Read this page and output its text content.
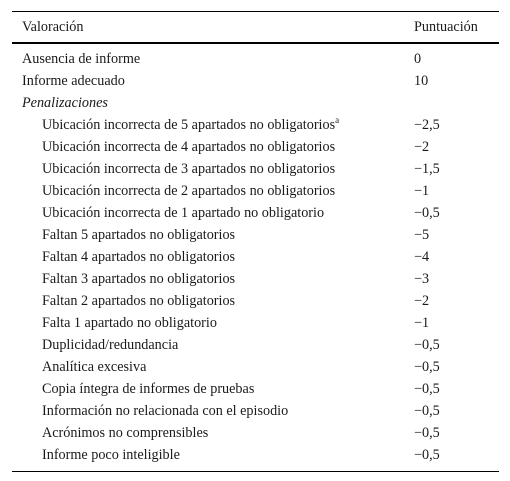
Valoración	Puntuación
Ausencia de informe	0
Informe adecuado	10
Penalizaciones
Ubicación incorrecta de 5 apartados no obligatorios$^a$	−2,5
Ubicación incorrecta de 4 apartados no obligatorios	−2
Ubicación incorrecta de 3 apartados no obligatorios	−1,5
Ubicación incorrecta de 2 apartados no obligatorios	−1
Ubicación incorrecta de 1 apartado no obligatorio	−0,5
Faltan 5 apartados no obligatorios	−5
Faltan 4 apartados no obligatorios	−4
Faltan 3 apartados no obligatorios	−3
Faltan 2 apartados no obligatorios	−2
Falta 1 apartado no obligatorio	−1
Duplicidad/redundancia	−0,5
Analítica excesiva	−0,5
Copia íntegra de informes de pruebas	−0,5
Información no relacionada con el episodio	−0,5
Acrónimos no comprensibles	−0,5
Informe poco inteligible	−0,5
